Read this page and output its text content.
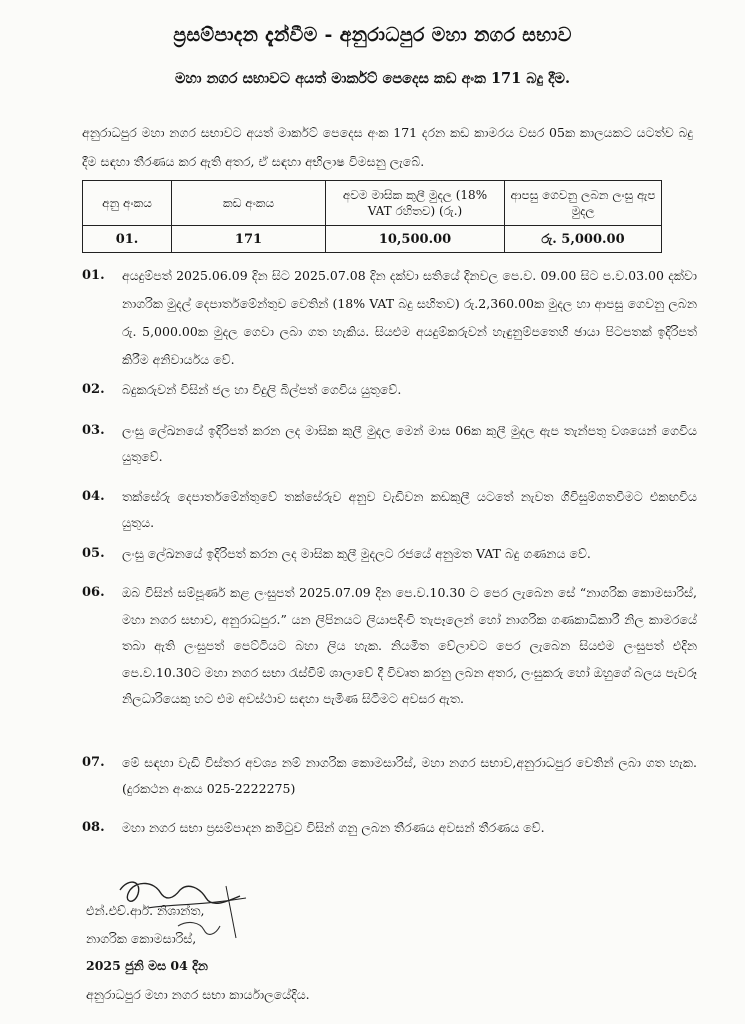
ප්‍රසම්පාදන දැන්වීම - අනුරාධපුර මහා නගර සභාව
මහා නගර සභාවට අයත් මාර්කට් පෙදෙස කඩ අංක 171 බදු දීම.
අනුරාධපුර මහා නගර සභාවට අයත් මාර්කට් පෙදෙස අංක 171 දරන කඩ කාමරය වසර 05ක කාලයකට යටත්ව බදු දීම සඳහා තීරණය කර ඇති අතර, ඒ සඳහා අභිලාෂ විමසනු ලැබේ.
අනු අංකය	කඩ අංකය	අවම මාසික කුලී මුදල (18% VAT රහිතව) (රු.)	ආපසු ගෙවනු ලබන ලංසු ඇප මුදල
01.	171	10,500.00	රු. 5,000.00
01.	අයදුම්පත් 2025.06.09 දින සිට 2025.07.08 දින දක්වා සතියේ දිනවල පෙ.ව. 09.00 සිට ප.ව.03.00 දක්වා නාගරික මුදල් දෙපාර්තමේන්තුව වෙතින් (18% VAT බදු සහිතව) රු.2,360.00ක මුදල හා ආපසු ගෙවනු ලබන රු. 5,000.00ක මුදල ගෙවා ලබා ගත හැකිය. සියළුම අයදුම්කරුවන් හැඳුනුම්පතෙහි ඡායා පිටපතක් ඉදිරිපත් කිරීම අනිවාර්යය වේ.
02.	බදුකරුවන් විසින් ජල හා විදුලි බිල්පත් ගෙවිය යුතුවේ.
03.	ලංසු ලේඛනයේ ඉදිරිපත් කරන ලද මාසික කුලී මුදල මෙන් මාස 06ක කුලී මුදල ඇප තැන්පතු වශයෙන් ගෙවිය යුතුවේ.
04.	තක්සේරු දෙපාර්තමේන්තුවේ තක්සේරුව අනුව වැඩිවන කඩකුලී යටතේ නැවත ගිවිසුම්ගතවීමට එකඟවිය යුතුය.
05.	ලංසු ලේඛනයේ ඉදිරිපත් කරන ලද මාසික කුලී මුදලට රජයේ අනුමත VAT බදු ගණනය වේ.
06.	ඔබ විසින් සම්පූර්ණ කළ ලංසුපත් 2025.07.09 දින පෙ.ව.10.30 ට පෙර ලැබෙන සේ “නාගරික කොමසාරිස්, මහා නගර සභාව, අනුරාධපුර.” යන ලිපිනයට ලියාපදිංචි තැපෑලෙන් හෝ නාගරික ගණකාධිකාරී නිල කාමරයේ තබා ඇති ලංසුපත් පෙට්ටියට බහා ලිය හැක. නියමිත වේලාවට පෙර ලැබෙන සියළුම ලංසුපත් එදින පෙ.ව.10.30ට මහා නගර සභා රැස්වීම් ශාලාවේ දී විවෘත කරනු ලබන අතර, ලංසුකරු හෝ ඔහුගේ බලය පැවරූ නිලධාරියෙකු හට එම අවස්ථාව සඳහා පැමිණ සිටීමට අවසර ඇත.
07.	මේ සඳහා වැඩි විස්තර අවශ්‍ය නම් නාගරික කොමසාරිස්, මහා නගර සභාව,අනුරාධපුර වෙතින් ලබා ගත හැක. (දුරකථන අංකය 025-2222275)
08.	මහා නගර සභා ප්‍රසම්පාදන කමිටුව විසින් ගනු ලබන තීරණය අවසන් තීරණය වේ.
එන්.එච්.ආර්. නිශාන්ත,
නාගරික කොමසාරිස්,
2025 ජුනි මස 04 දින
අනුරාධපුර මහා නගර සභා කාර්යාලයේදිය.
